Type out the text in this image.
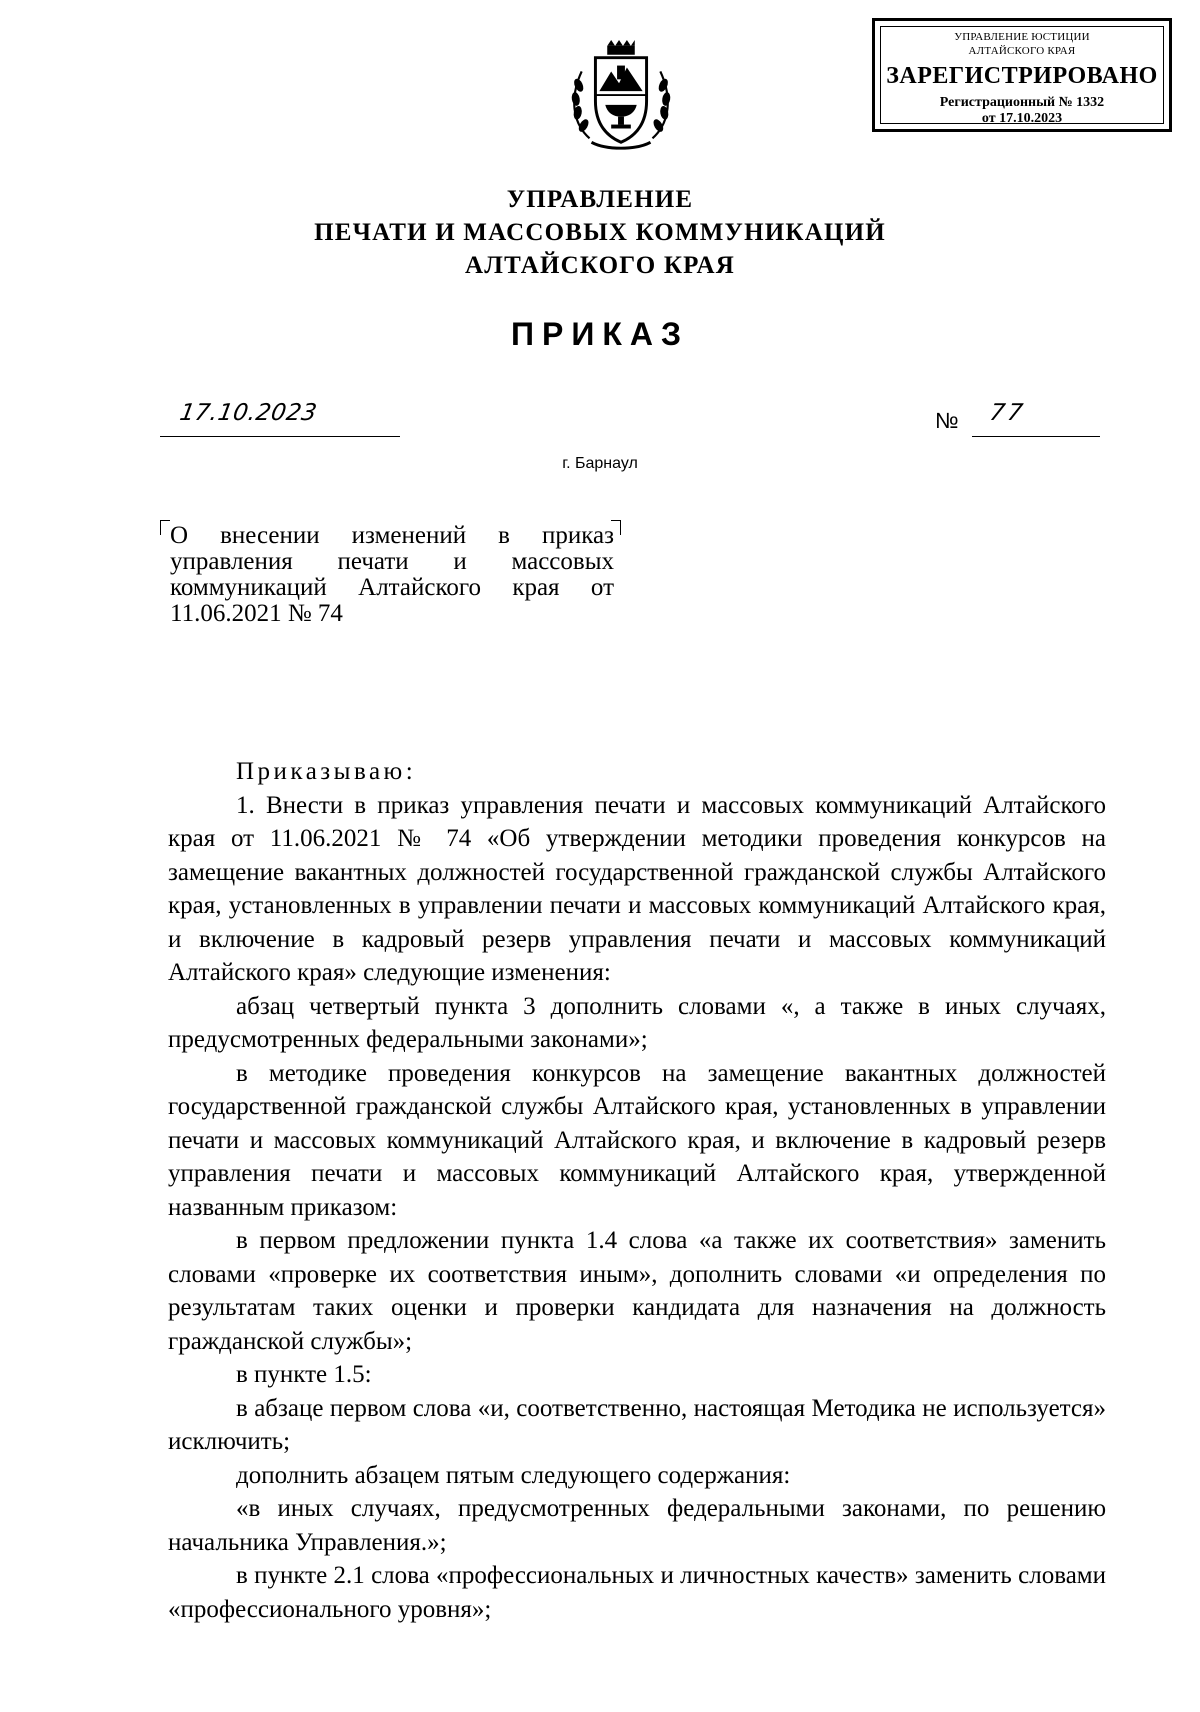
УПРАВЛЕНИЕ ЮСТИЦИИ
АЛТАЙСКОГО КРАЯ
ЗАРЕГИСТРИРОВАНО
Регистрационный № 1332
от 17.10.2023
УПРАВЛЕНИЕ
ПЕЧАТИ И МАССОВЫХ КОММУНИКАЦИЙ
АЛТАЙСКОГО КРАЯ
ПРИКАЗ
17.10.2023	№ 77
г. Барнаул
О внесении изменений в приказ управления печати и массовых коммуникаций Алтайского края от 11.06.2021 № 74

Приказываю:

1. Внести в приказ управления печати и массовых коммуникаций Алтайского края от 11.06.2021 № 74 «Об утверждении методики проведения конкурсов на замещение вакантных должностей государственной гражданской службы Алтайского края, установленных в управлении печати и массовых коммуникаций Алтайского края, и включение в кадровый резерв управления печати и массовых коммуникаций Алтайского края» следующие изменения:

абзац четвертый пункта 3 дополнить словами «, а также в иных случаях, предусмотренных федеральными законами»;

в методике проведения конкурсов на замещение вакантных должностей государственной гражданской службы Алтайского края, установленных в управлении печати и массовых коммуникаций Алтайского края, и включение в кадровый резерв управления печати и массовых коммуникаций Алтайского края, утвержденной названным приказом:

в первом предложении пункта 1.4 слова «а также их соответствия» заменить словами «проверке их соответствия иным», дополнить словами «и определения по результатам таких оценки и проверки кандидата для назначения на должность гражданской службы»;

в пункте 1.5:

в абзаце первом слова «и, соответственно, настоящая Методика не используется» исключить;

дополнить абзацем пятым следующего содержания:

«в иных случаях, предусмотренных федеральными законами, по решению начальника Управления.»;

в пункте 2.1 слова «профессиональных и личностных качеств» заменить словами «профессионального уровня»;
